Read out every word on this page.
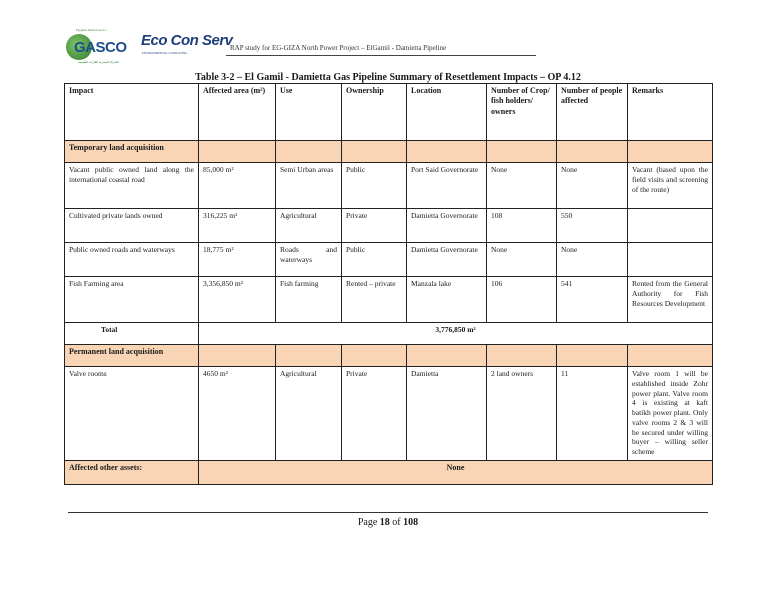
Egyptian Natural Gas Co.
GASCO
الشركة المصرية للغازات الطبيعية
Eco Con Serv
ENVIRONMENTAL CONSULTING
RAP study for EG-GIZA North Power Project – ElGamil - Damietta Pipeline
Table 3-2 – El Gamil - Damietta Gas Pipeline Summary of Resettlement Impacts – OP 4.12
Impact	Affected area (m²)	Use	Ownership	Location	Number of Crop/ fish holders/ owners	Number of people affected	Remarks
Temporary land acquisition							
Vacant public owned land along the international coastal road	85,000 m²	Semi Urban areas	Public	Port Said Governorate	None	None	Vacant (based upon the field visits and screening of the route)
Cultivated private lands owned	316,225 m²	Agricultural	Private	Damietta Governorate	108	550	
Public owned roads and waterways	18,775 m²	Roads and waterways	Public	Damietta Governorate	None	None	
Fish Farming area	3,356,850 m²	Fish farming	Rented – private	Manzala lake	106	541	Rented from the General Authority for Fish Resources Development
Total	3,776,850 m²						
Permanent land acquisition							
Valve rooms	4650 m²	Agricultural	Private	Damietta	2 land owners	11	Valve room 1 will be established inside Zohr power plant. Valve room 4 is existing at kaft batikh power plant. Only valve rooms 2 & 3 will be secured under willing buyer – willing seller scheme
Affected other assets:	None						
Page 18 of 108
